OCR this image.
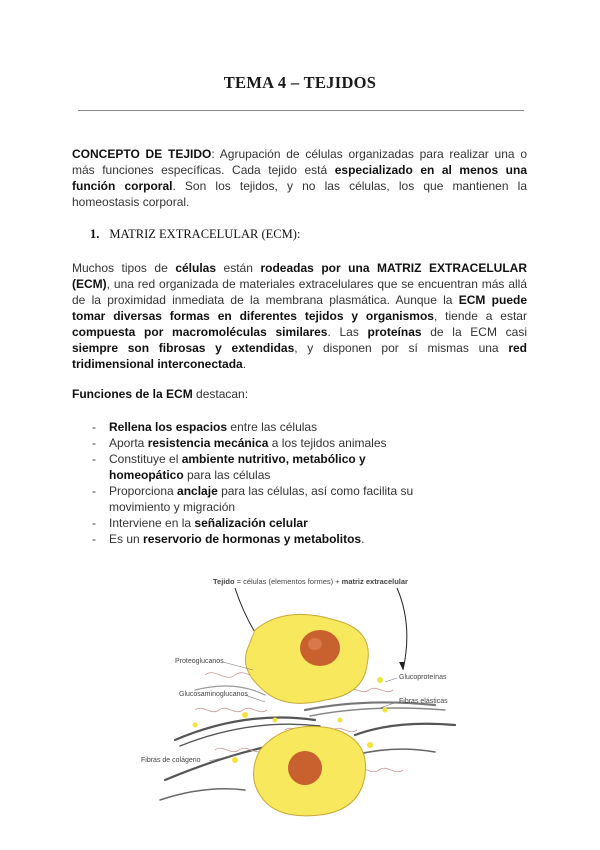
TEMA 4 – TEJIDOS

CONCEPTO DE TEJIDO: Agrupación de células organizadas para realizar una o más funciones específicas. Cada tejido está especializado en al menos una función corporal. Son los tejidos, y no las células, los que mantienen la homeostasis corporal.

1. MATRIZ EXTRACELULAR (ECM):

Muchos tipos de células están rodeadas por una MATRIZ EXTRACELULAR (ECM), una red organizada de materiales extracelulares que se encuentran más allá de la proximidad inmediata de la membrana plasmática. Aunque la ECM puede tomar diversas formas en diferentes tejidos y organismos, tiende a estar compuesta por macromoléculas similares. Las proteínas de la ECM casi siempre son fibrosas y extendidas, y disponen por sí mismas una red tridimensional interconectada.

Funciones de la ECM destacan:

- Rellena los espacios entre las células
- Aporta resistencia mecánica a los tejidos animales
- Constituye el ambiente nutritivo, metabólico y homeopático para las células
- Proporciona anclaje para las células, así como facilita su movimiento y migración
- Interviene en la señalización celular
- Es un reservorio de hormonas y metabolitos.
Tejido = células (elementos formes) + matriz extracelular
Proteoglucanos
Glucoproteínas
Glucosaminoglucanos
Fibras elásticas
Fibras de colágeno
